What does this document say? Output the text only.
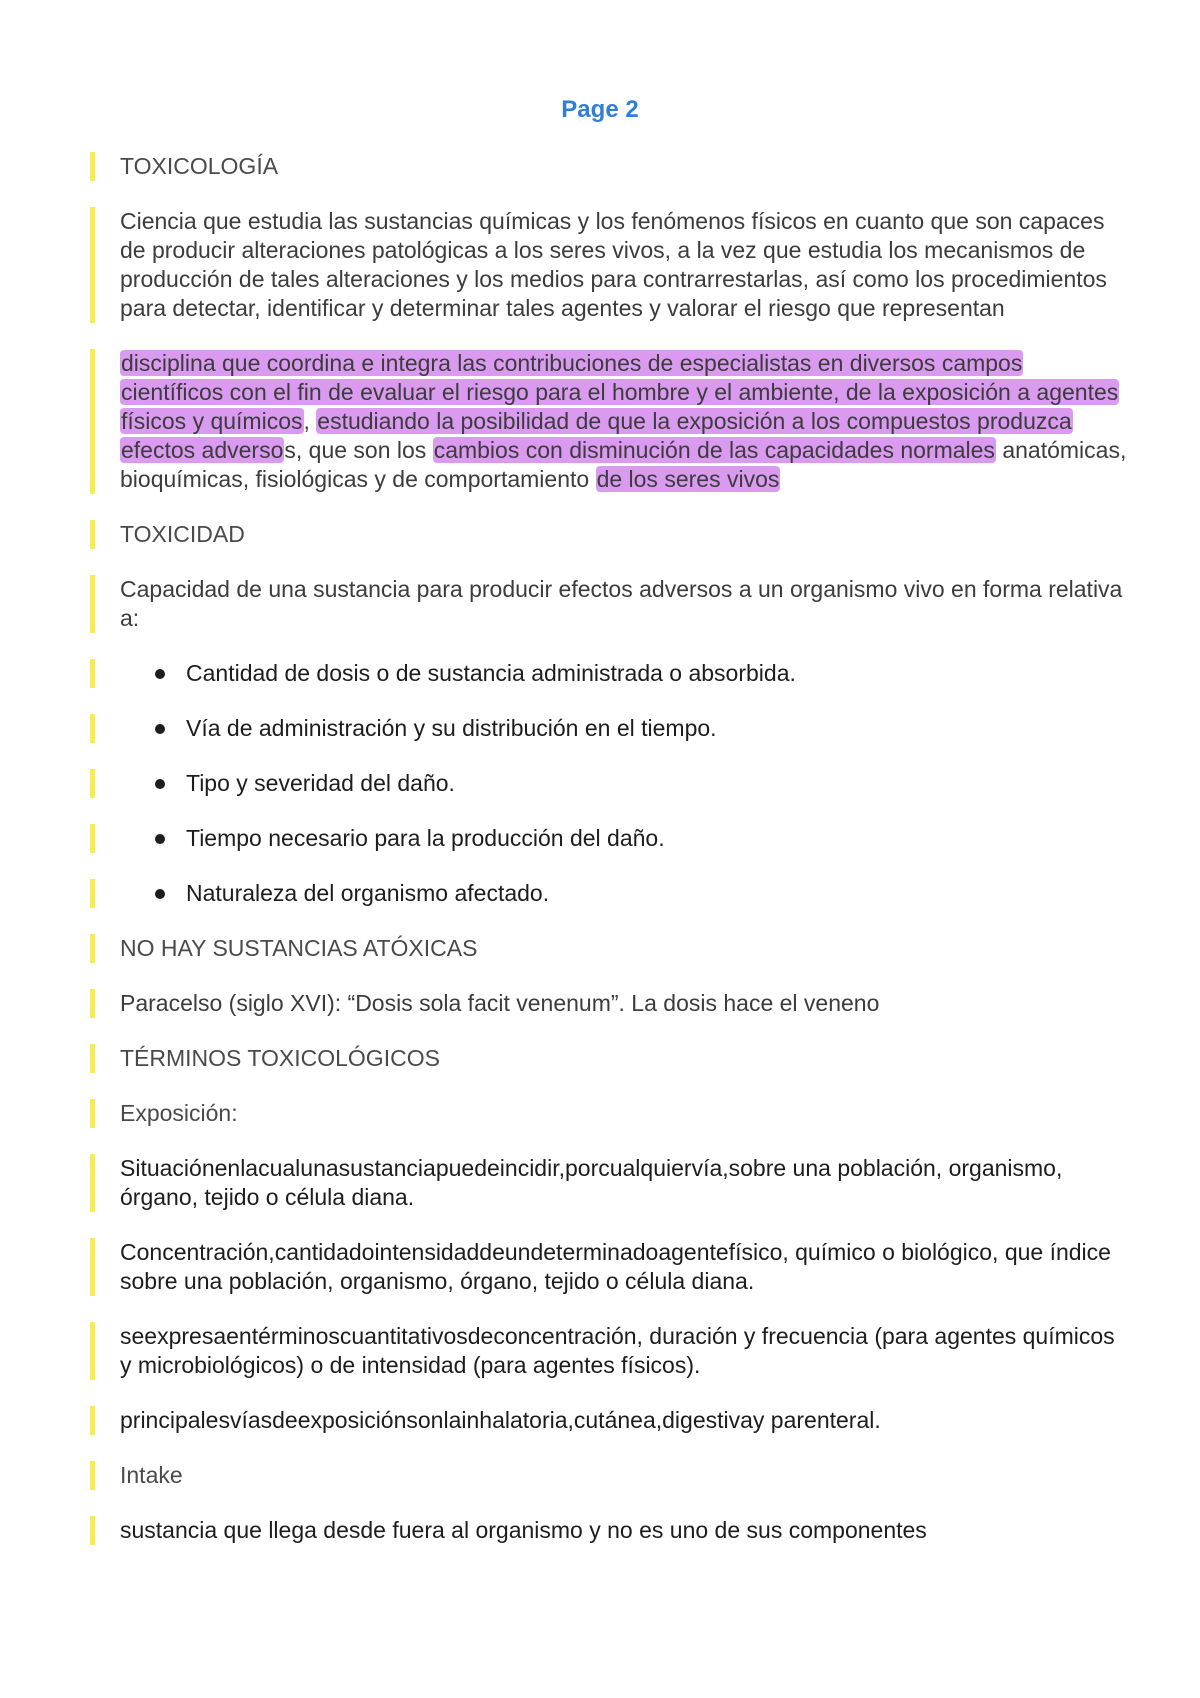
Page 2
TOXICOLOGÍA
Ciencia que estudia las sustancias químicas y los fenómenos físicos en cuanto que son capaces de producir alteraciones patológicas a los seres vivos, a la vez que estudia los mecanismos de producción de tales alteraciones y los medios para contrarrestarlas, así como los procedimientos para detectar, identificar y determinar tales agentes y valorar el riesgo que representan
disciplina que coordina e integra las contribuciones de especialistas en diversos campos científicos con el fin de evaluar el riesgo para el hombre y el ambiente, de la exposición a agentes físicos y químicos, estudiando la posibilidad de que la exposición a los compuestos produzca efectos adversos, que son los cambios con disminución de las capacidades normales anatómicas, bioquímicas, fisiológicas y de comportamiento de los seres vivos
TOXICIDAD
Capacidad de una sustancia para producir efectos adversos a un organismo vivo en forma relativa a:
Cantidad de dosis o de sustancia administrada o absorbida.
Vía de administración y su distribución en el tiempo.
Tipo y severidad del daño.
Tiempo necesario para la producción del daño.
Naturaleza del organismo afectado.
NO HAY SUSTANCIAS ATÓXICAS
Paracelso (siglo XVI): “Dosis sola facit venenum”. La dosis hace el veneno
TÉRMINOS TOXICOLÓGICOS
Exposición:
Situaciónenlacualunasustanciapuedeincidir,porcualquiervía,sobre una población, organismo, órgano, tejido o célula diana.
Concentración,cantidadointensidaddeundeterminadoagentefísico, químico o biológico, que índice sobre una población, organismo, órgano, tejido o célula diana.
seexpresaentérminoscuantitativosdeconcentración, duración y frecuencia (para agentes químicos y microbiológicos) o de intensidad (para agentes físicos).
principalesvíasdeexposiciónsonlainhalatoria,cutánea,digestivay parenteral.
Intake
sustancia que llega desde fuera al organismo y no es uno de sus componentes
